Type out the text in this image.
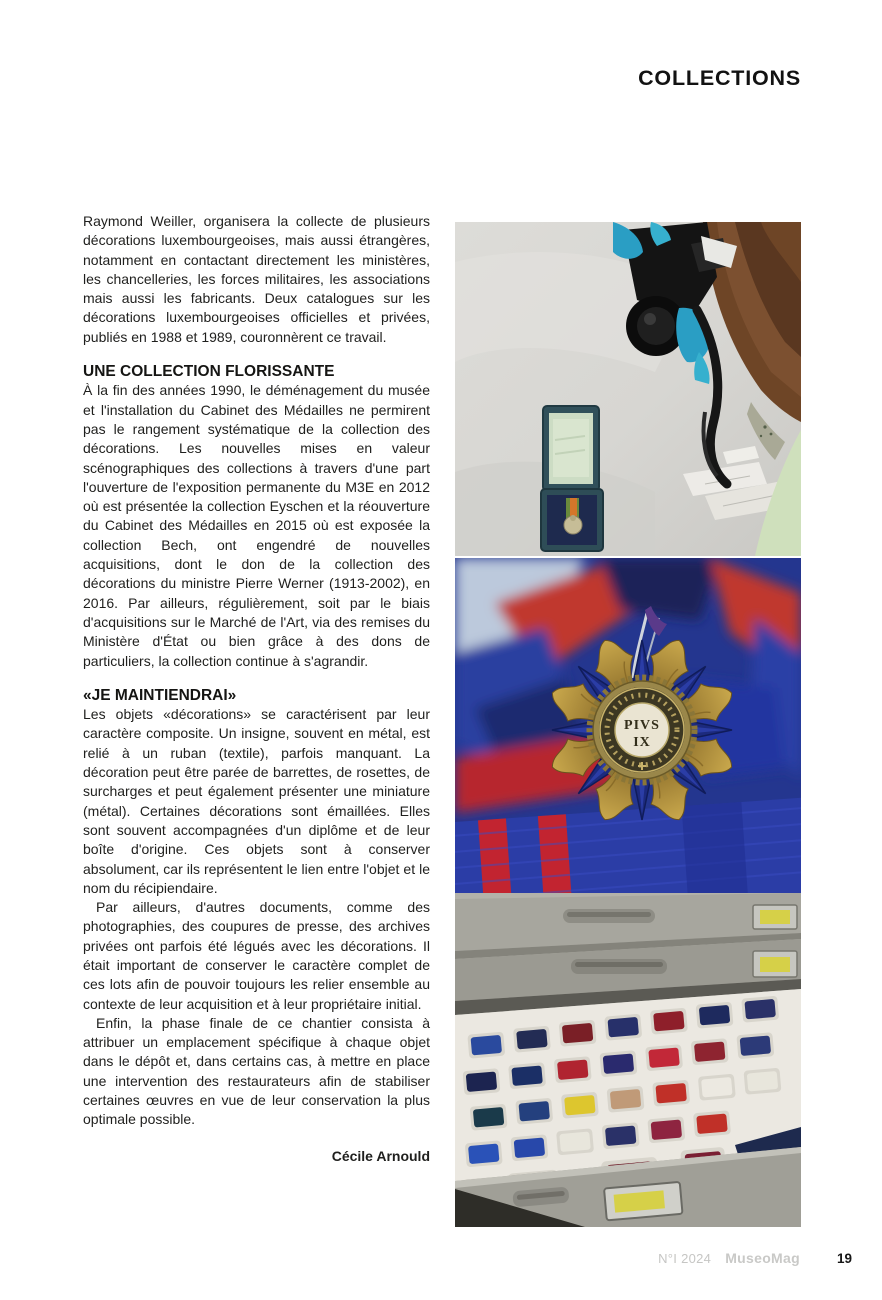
COLLECTIONS

Raymond Weiller, organisera la collecte de plusieurs décorations luxembourgeoises, mais aussi étrangères, notamment en contactant directement les ministères, les chancelleries, les forces militaires, les associations mais aussi les fabricants. Deux catalogues sur les décorations luxembourgeoises officielles et privées, publiés en 1988 et 1989, couronnèrent ce travail.

UNE COLLECTION FLORISSANTE

À la fin des années 1990, le déménagement du musée et l'installation du Cabinet des Médailles ne permirent pas le rangement systématique de la collection des décorations. Les nouvelles mises en valeur scénographiques des collections à travers d'une part l'ouverture de l'exposition permanente du M3E en 2012 où est présentée la collection Eyschen et la réouverture du Cabinet des Médailles en 2015 où est exposée la collection Bech, ont engendré de nouvelles acquisitions, dont le don de la collection des décorations du ministre Pierre Werner (1913-2002), en 2016. Par ailleurs, régulièrement, soit par le biais d'acquisitions sur le Marché de l'Art, via des remises du Ministère d'État ou bien grâce à des dons de particuliers, la collection continue à s'agrandir.

«JE MAINTIENDRAI»

Les objets «décorations» se caractérisent par leur caractère composite. Un insigne, souvent en métal, est relié à un ruban (textile), parfois manquant. La décoration peut être parée de barrettes, de rosettes, de surcharges et peut également présenter une miniature (métal). Certaines décorations sont émaillées. Elles sont souvent accompagnées d'un diplôme et de leur boîte d'origine. Ces objets sont à conserver absolument, car ils représentent le lien entre l'objet et le nom du récipiendaire.

Par ailleurs, d'autres documents, comme des photographies, des coupures de presse, des archives privées ont parfois été légués avec les décorations. Il était important de conserver le caractère complet de ces lots afin de pouvoir toujours les relier ensemble au contexte de leur acquisition et à leur propriétaire initial.

Enfin, la phase finale de ce chantier consista à attribuer un emplacement spécifique à chaque objet dans le dépôt et, dans certains cas, à mettre en place une intervention des restaurateurs afin de stabiliser certaines œuvres en vue de leur conservation la plus optimale possible.

Cécile Arnould

PIVS
IX
N°I 2024 MuseoMag	19
